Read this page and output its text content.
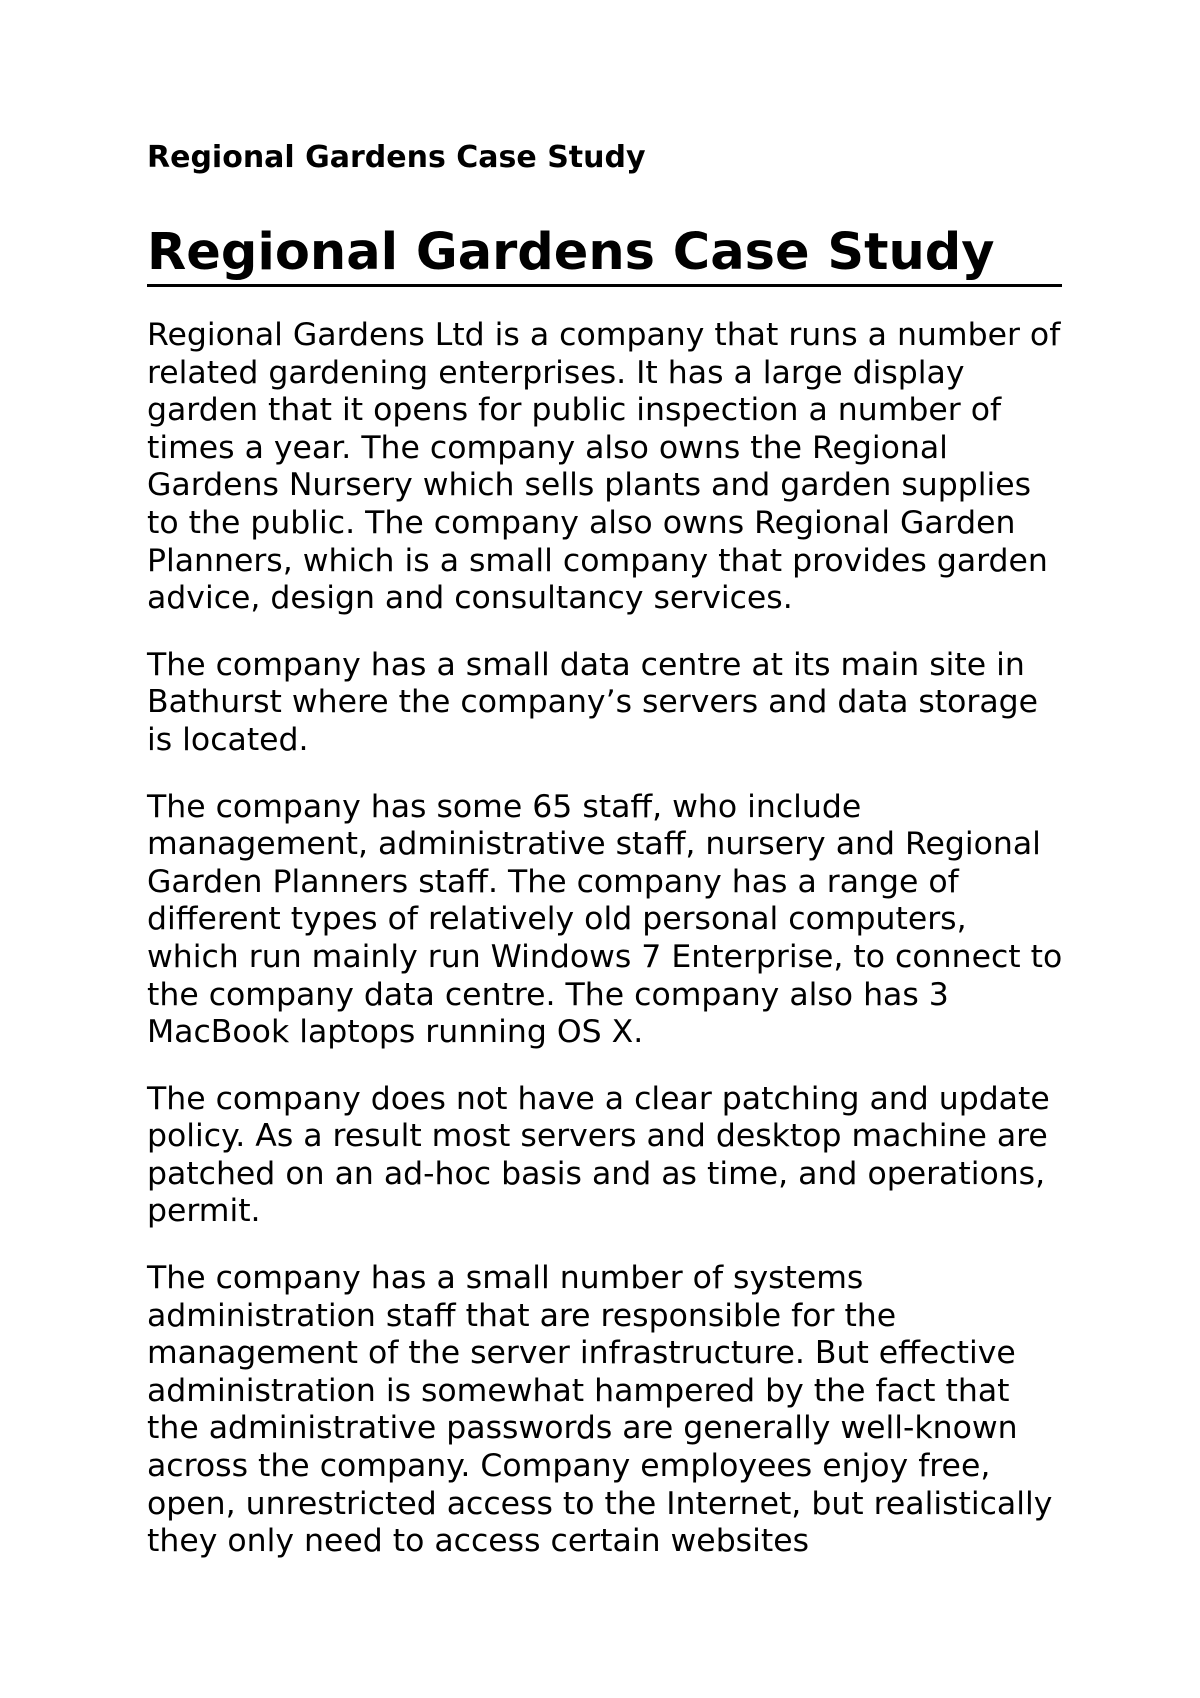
Regional Gardens Case Study

Regional Gardens Case Study

Regional Gardens Ltd is a company that runs a number of related gardening enterprises. It has a large display garden that it opens for public inspection a number of times a year. The company also owns the Regional Gardens Nursery which sells plants and garden supplies to the public. The company also owns Regional Garden Planners, which is a small company that provides garden advice, design and consultancy services.

The company has a small data centre at its main site in Bathurst where the company’s servers and data storage is located.

The company has some 65 staff, who include management, administrative staff, nursery and Regional Garden Planners staff. The company has a range of different types of relatively old personal computers, which run mainly run Windows 7 Enterprise, to connect to the company data centre. The company also has 3 MacBook laptops running OS X.

The company does not have a clear patching and update policy. As a result most servers and desktop machine are patched on an ad-hoc basis and as time, and operations, permit.

The company has a small number of systems administration staff that are responsible for the management of the server infrastructure. But effective administration is somewhat hampered by the fact that the administrative passwords are generally well-known across the company. Company employees enjoy free, open, unrestricted access to the Internet, but realistically they only need to access certain websites
